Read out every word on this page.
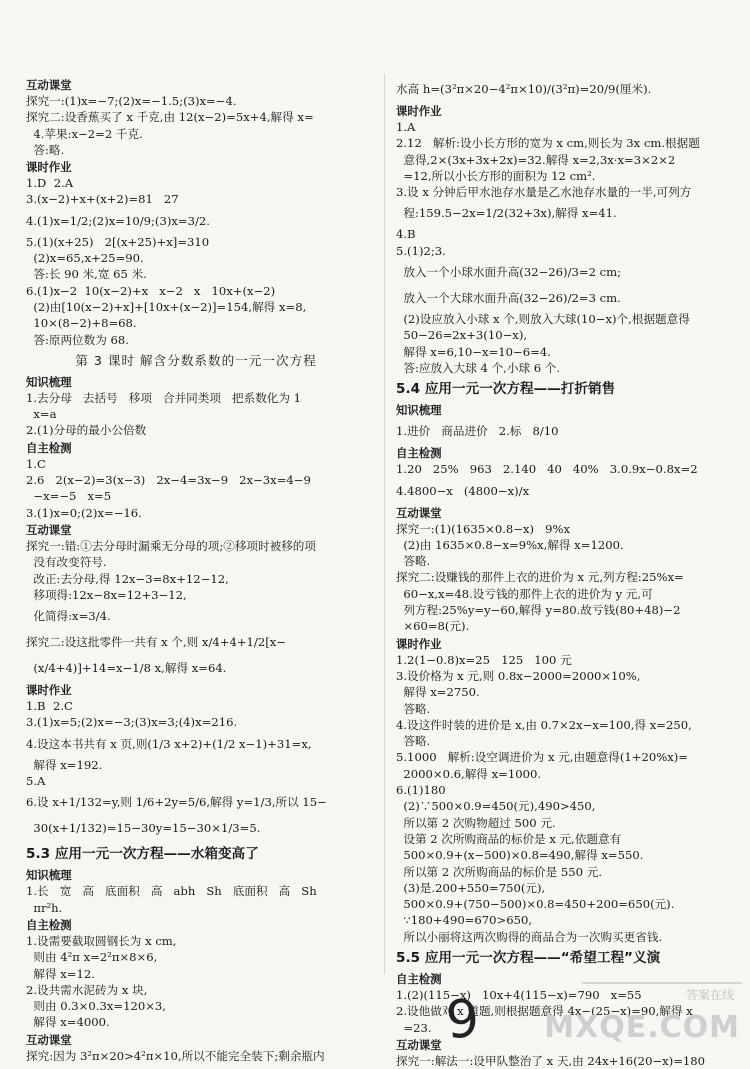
互动课堂
探究一:(1)x=−7;(2)x=−1.5;(3)x=−4.
探究二:设香蕉买了 x 千克,由 12(x−2)=5x+4,解得 x=
4.苹果:x−2=2 千克.
答:略.
课时作业
1.D  2.A
3.(x−2)+x+(x+2)=81   27
4.(1)x=1/2;(2)x=10/9;(3)x=3/2.
5.(1)(x+25)   2[(x+25)+x]=310
(2)x=65,x+25=90.
答:长 90 米,宽 65 米.
6.(1)x−2  10(x−2)+x   x−2   x   10x+(x−2)
(2)由[10(x−2)+x]+[10x+(x−2)]=154,解得 x=8,
10×(8−2)+8=68.
答:原两位数为 68.
第 3 课时 解含分数系数的一元一次方程
知识梳理
1.去分母   去括号   移项   合并同类项   把系数化为 1
x=a
2.(1)分母的最小公倍数
自主检测
1.C
2.6   2(x−2)=3(x−3)   2x−4=3x−9   2x−3x=4−9
−x=−5   x=5
3.(1)x=0;(2)x=−16.
互动课堂
探究一:错:①去分母时漏乘无分母的项;②移项时被移的项
没有改变符号.
改正:去分母,得 12x−3=8x+12−12,
移项得:12x−8x=12+3−12,
化简得:x=3/4.
探究二:设这批零件一共有 x 个,则 x/4+4+1/2[x−
(x/4+4)]+14=x−1/8 x,解得 x=64.
课时作业
1.B  2.C
3.(1)x=5;(2)x=−3;(3)x=3;(4)x=216.
4.设这本书共有 x 页,则(1/3 x+2)+(1/2 x−1)+31=x,
解得 x=192.
5.A
6.设 x+1/132=y,则 1/6+2y=5/6,解得 y=1/3,所以 15−
30(x+1/132)=15−30y=15−30×1/3=5.
5.3 应用一元一次方程——水箱变高了
知识梳理
1.长   宽   高   底面积   高   abh   Sh   底面积   高   Sh
πr²h.
自主检测
1.设需要截取圆钢长为 x cm,
则由 4²π x=2²π×8×6,
解得 x=12.
2.设共需水泥砖为 x 块,
则由 0.3×0.3x=120×3,
解得 x=4000.
互动课堂
探究:因为 3²π×20>4²π×10,所以不能完全装下;剩余瓶内
水高 h=(3²π×20−4²π×10)/(3²π)=20/9(厘米).
课时作业
1.A
2.12   解析:设小长方形的宽为 x cm,则长为 3x cm.根据题
意得,2×(3x+3x+2x)=32.解得 x=2,3x·x=3×2×2
=12,所以小长方形的面积为 12 cm².
3.设 x 分钟后甲水池存水量是乙水池存水量的一半,可列方
程:159.5−2x=1/2(32+3x),解得 x=41.
4.B
5.(1)2;3.
放入一个小球水面升高(32−26)/3=2 cm;
放入一个大球水面升高(32−26)/2=3 cm.
(2)设应放入小球 x 个,则放入大球(10−x)个,根据题意得
50−26=2x+3(10−x),
解得 x=6,10−x=10−6=4.
答:应放入大球 4 个,小球 6 个.
5.4 应用一元一次方程——打折销售
知识梳理
1.进价   商品进价   2.标   8/10
自主检测
1.20   25%   963   2.140   40   40%   3.0.9x−0.8x=2
4.4800−x   (4800−x)/x
互动课堂
探究一:(1)(1635×0.8−x)   9%x
(2)由 1635×0.8−x=9%x,解得 x=1200.
答略.
探究二:设赚钱的那件上衣的进价为 x 元,列方程:25%x=
60−x,x=48.设亏钱的那件上衣的进价为 y 元,可
列方程:25%y=y−60,解得 y=80.故亏钱(80+48)−2
×60=8(元).
课时作业
1.2(1−0.8)x=25   125   100 元
3.设价格为 x 元,则 0.8x−2000=2000×10%,
解得 x=2750.
答略.
4.设这件时装的进价是 x,由 0.7×2x−x=100,得 x=250,
答略.
5.1000   解析:设空调进价为 x 元,由题意得(1+20%x)=
2000×0.6,解得 x=1000.
6.(1)180
(2)∵500×0.9=450(元),490>450,
所以第 2 次购物超过 500 元.
设第 2 次所购商品的标价是 x 元,依题意有
500×0.9+(x−500)×0.8=490,解得 x=550.
所以第 2 次所购商品的标价是 550 元.
(3)是.200+550=750(元),
500×0.9+(750−500)×0.8=450+200=650(元).
∵180+490=670>650,
所以小丽将这两次购得的商品合为一次购买更省钱.
5.5 应用一元一次方程——“希望工程”义演
自主检测
1.(2)(115−x)   10x+4(115−x)=790   x=55
2.设他做对 x 道题,则根据题意得 4x−(25−x)=90,解得 x
=23.
互动课堂
探究一:解法一:设甲队整治了 x 天,由 24x+16(20−x)=180
9	答案在线
MXQE.COM
